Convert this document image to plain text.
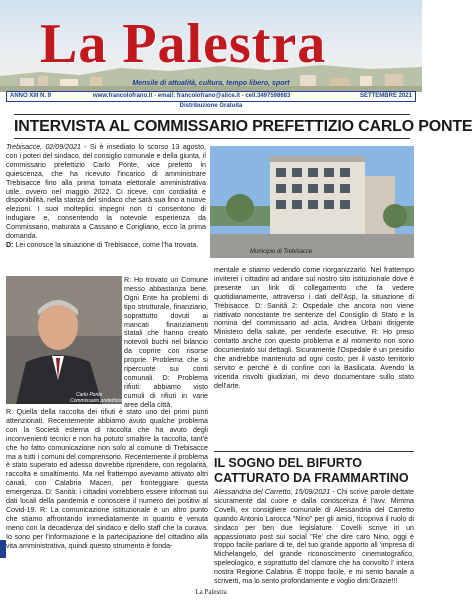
La Palestra
Mensile di attualità, cultura, tempo libero, sport
ANNO XIII N. 9	www.francolofrano.it - email: francolofrano@alice.it - cell.3497598683	SETTEMBRE 2021
Distribuzione Gratuita
INTERVISTA AL COMMISSARIO PREFETTIZIO CARLO PONTE

Trebisacce, 02/09/2021 - Si è insediato lo scorso 13 agosto, con i poteri del sindaco, del consiglio comunale e della giunta, il commissario prefettizio Carlo Ponte, vice prefetto in quiescenza, che ha ricevuto l'incarico di amministrare Trebisacce fino alla prima tornata elettorale amministrativa utile, ovvero nel maggio 2022. Ci riceve, con cordialità e disponibilità, nella stanza del sindaco che sarà sua fino a nuove elezioni. I suoi molteplici impegni non ci consentono di indugiare e, consentendo la notevole esperienza da Commissario, maturata a Cassano e Corigliano, ecco la prima domanda.

D: Lei conosce la situazione di Trebisacce, come l'ha trovata.

Municipio di Trebisacce
Carlo Ponte
Commissario prefettizio

R: Ho trovato un Comune messo abbastanza bene. Ogni Ente ha problemi di tipo strutturale, finanziario, soprattutto dovuti ai mancati finanziamenti statali che hanno creato notevoli buchi nel bilancio da coprire con risorse proprie. Problema che si ripercuote sui conti comunali. D: Problema rifiuti: abbiamo visto cumuli di rifiuti in varie aree della città.

R: Quella della raccolta dei rifiuti è stato uno dei primi punti attenzionati. Recentemente abbiamo avuto qualche problema con la Società esterna di raccolta che ha avuto degli inconvenienti tecnici e non ha potuto smaltire la raccolta, tant'è che ho fatto comunicazione non solo al comune di Trebisacce ma a tutti i comuni del comprensorio. Recentemente il problema è stato superato ed adesso dovrebbe riprendere, con regolarità, raccolta e smaltimento. Ma nel frattempo avevamo attivato altri canali, con Calabria Maceri, per fronteggiare questa emergenza. D: Sanità: i cittadini vorrebbero essere informati sui dati locali della pandemia e conoscere il numero dei positivi al Covid-19. R: La comunicazione istituzionale è un altro punto che stiamo affrontando immediatamente in quanto è venuta meno con la decadenza del sindaco e dello staff che la curava. Io sono per l'informazione e la partecipazione del cittadino alla vita amministrativa, quindi questo strumento è fonda-

mentale e stiamo vedendo come riorganizzarlo. Nel frattempo inviterei i cittadini ad andare sul nostro sito istituzionale dove è presente un link di collegamento che fa vedere quotidianamente, attraverso i dati dell'Asp, la situazione di Trebisacce. D: Sanità 2: Ospedale che ancora non viene riattivato nonostante tre sentenze del Consiglio di Stato e la nomina del commissario ad acta, Andrea Urbani dirigente Ministero della salute, per renderle esecutive. R: Ho preso contatto anche con questo problema e al momento non sono documentato sui dettagli. Sicuramente l'Ospedale è un presidio che andrebbe mantenuto ad ogni costo, per il vasto territorio servito e perché è di confine con la Basilicata. Avendo la vicenda risvolti giudiziari, mi devo documentare sullo stato dell'arte.

IL SOGNO DEL BIFURTO CATTURATO DA FRAMMARTINO

Alessandria del Carretto, 15/09/2021 - Chi scrive parole dettate sicuramente dal cuore e dalla conoscenza è l'avv. Mimma Covelli, ex consigliere comunale di Alessandria del Carretto quando Antonio Larocca "Nino" per gli amici, ricopriva il ruolo di sindaco per ben due legislature. Covelli scrive in un appassionato post sui social "Re' che dire caro Nino, oggi è troppo facile parlare di te, del tuo grande apporto all 'impresa di Michelangelo, del grande riconoscimento cinematografico, speleologico, e soprattutto del clamore che ha convolto l' intera nostra Regione Calabria. È troppo facile, e mi sento banale a scriverti, ma lo sento profondamente e voglio dirti:Grazie!!!

La Palestra
